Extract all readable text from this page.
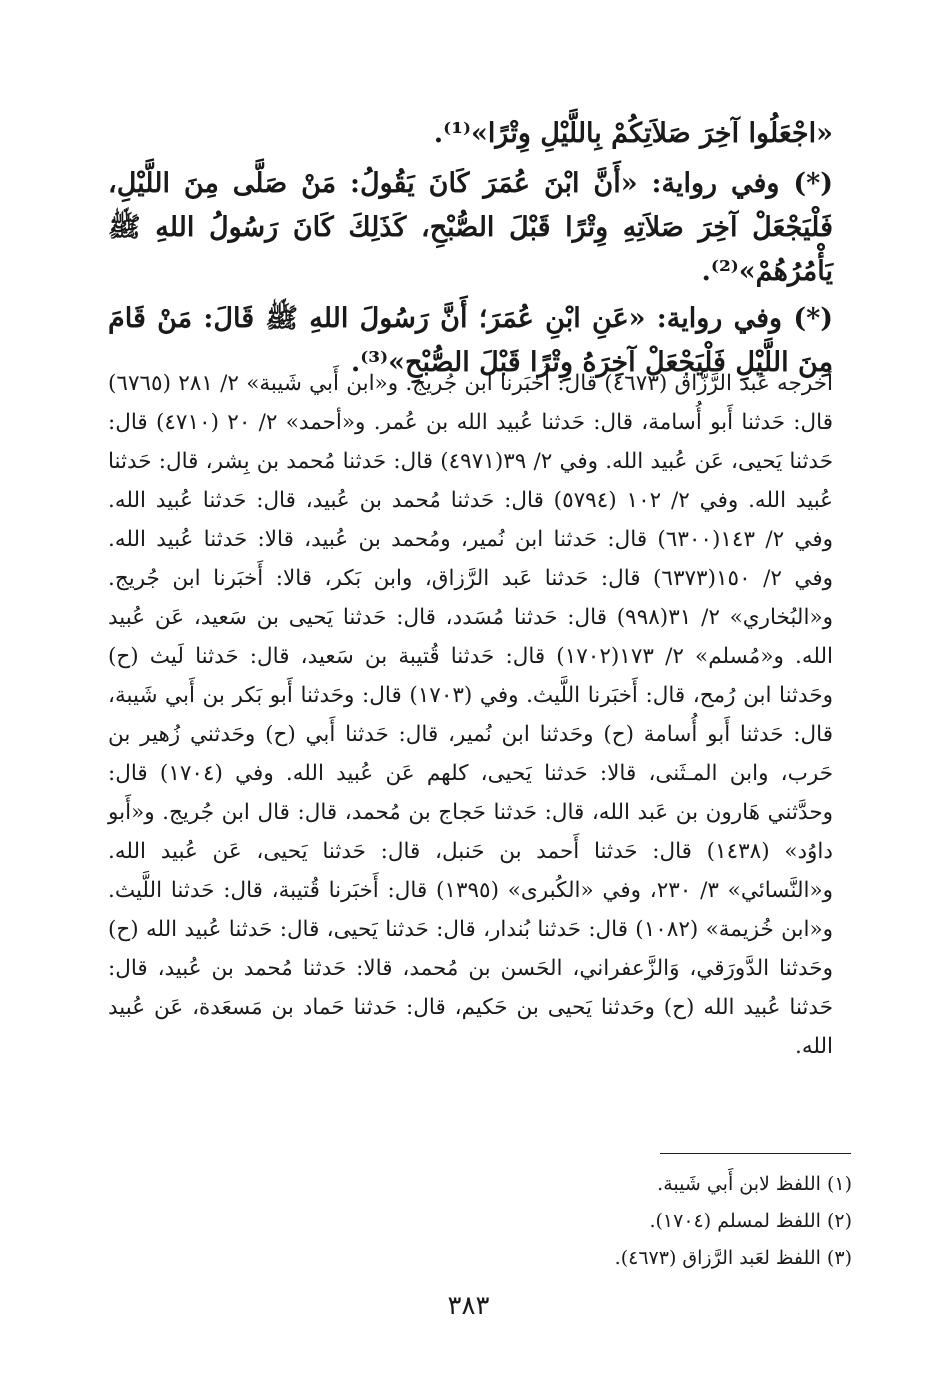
«اجْعَلُوا آخِرَ صَلاَتِكُمْ بِاللَّيْلِ وِتْرًا»⁽¹⁾.

(*) وفي رواية: «أَنَّ ابْنَ عُمَرَ كَانَ يَقُولُ: مَنْ صَلَّى مِنَ اللَّيْلِ، فَلْيَجْعَلْ آخِرَ صَلاَتِهِ وِتْرًا قَبْلَ الصُّبْحِ، كَذَلِكَ كَانَ رَسُولُ اللهِ ﷺ يَأْمُرُهُمْ»⁽²⁾.

(*) وفي رواية: «عَنِ ابْنِ عُمَرَ؛ أَنَّ رَسُولَ اللهِ ﷺ قَالَ: مَنْ قَامَ مِنَ اللَّيْلِ فَلْيَجْعَلْ آخِرَهُ وِتْرًا قَبْلَ الصُّبْحِ»⁽³⁾.

أخرجه عَبد الرَّزَّاق (٤٦٧٣) قال: أَخبَرنا ابن جُريج. و«ابن أَبي شَيبة» ٢/ ٢٨١ (٦٧٦٥) قال: حَدثنا أَبو أُسامة، قال: حَدثنا عُبيد الله بن عُمر. و«أحمد» ٢/ ٢٠ (٤٧١٠) قال: حَدثنا يَحيى، عَن عُبيد الله. وفي ٢/ ٣٩(٤٩٧١) قال: حَدثنا مُحمد بن بِشر، قال: حَدثنا عُبيد الله. وفي ٢/ ١٠٢ (٥٧٩٤) قال: حَدثنا مُحمد بن عُبيد، قال: حَدثنا عُبيد الله. وفي ٢/ ١٤٣(٦٣٠٠) قال: حَدثنا ابن نُمير، ومُحمد بن عُبيد، قالا: حَدثنا عُبيد الله. وفي ٢/ ١٥٠(٦٣٧٣) قال: حَدثنا عَبد الرَّزاق، وابن بَكر، قالا: أَخبَرنا ابن جُريج. و«البُخاري» ٢/ ٣١(٩٩٨) قال: حَدثنا مُسَدد، قال: حَدثنا يَحيى بن سَعيد، عَن عُبيد الله. و«مُسلم» ٢/ ١٧٣(١٧٠٢) قال: حَدثنا قُتيبة بن سَعيد، قال: حَدثنا لَيث (ح) وحَدثنا ابن رُمح، قال: أَخبَرنا اللَّيث. وفي (١٧٠٣) قال: وحَدثنا أَبو بَكر بن أَبي شَيبة، قال: حَدثنا أَبو أُسامة (ح) وحَدثنا ابن نُمير، قال: حَدثنا أَبي (ح) وحَدثني زُهير بن حَرب، وابن المـثَنى، قالا: حَدثنا يَحيى، كلهم عَن عُبيد الله. وفي (١٧٠٤) قال: وحدَّثني هَارون بن عَبد الله، قال: حَدثنا حَجاج بن مُحمد، قال: قال ابن جُريج. و«أَبو داوُد» (١٤٣٨) قال: حَدثنا أَحمد بن حَنبل، قال: حَدثنا يَحيى، عَن عُبيد الله. و«النَّسائي» ٣/ ٢٣٠، وفي «الكُبرى» (١٣٩٥) قال: أَخبَرنا قُتيبة، قال: حَدثنا اللَّيث. و«ابن خُزيمة» (١٠٨٢) قال: حَدثنا بُندار، قال: حَدثنا يَحيى، قال: حَدثنا عُبيد الله (ح) وحَدثنا الدَّورَقي، وَالزَّعفراني، الحَسن بن مُحمد، قالا: حَدثنا مُحمد بن عُبيد، قال: حَدثنا عُبيد الله (ح) وحَدثنا يَحيى بن حَكيم، قال: حَدثنا حَماد بن مَسعَدة، عَن عُبيد الله.

(١) اللفظ لابن أَبي شَيبة.
(٢) اللفظ لمسلم (١٧٠٤).
(٣) اللفظ لعَبد الرَّزاق (٤٦٧٣).
٣٨٣
